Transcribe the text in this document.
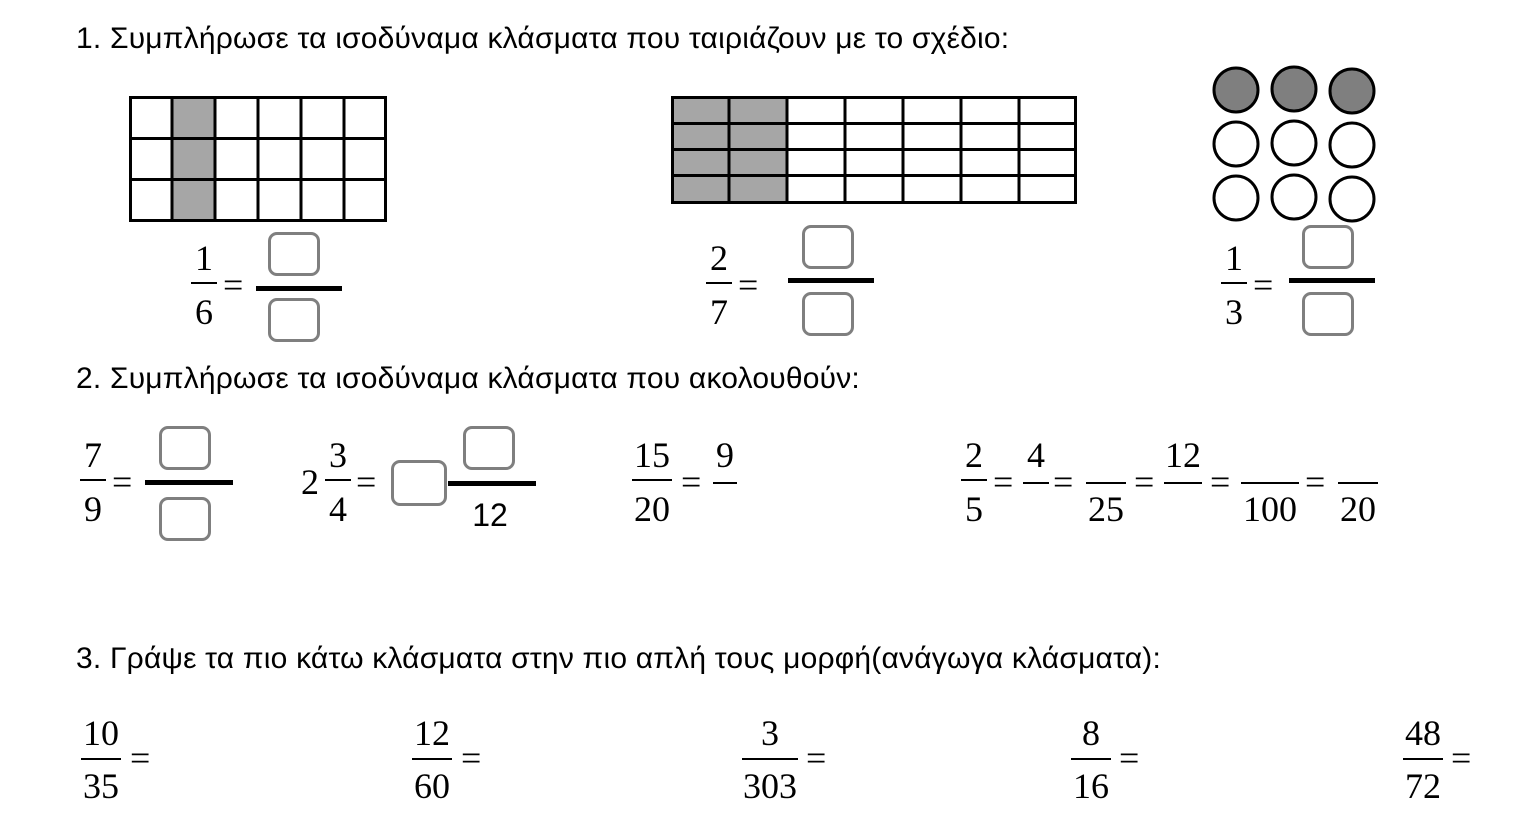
1. Συμπλήρωσε τα ισοδύναμα κλάσματα που ταιριάζουν με το σχέδιο:
1
6
=
2
7
=
1
3
=
2. Συμπλήρωσε τα ισοδύναμα κλάσματα που ακολουθούν:
7
9
=	2
3
4
=
12
15
20
=
9	2
5
=
4
=
25
=
12
=
100
=
20
3. Γράψε τα πιο κάτω κλάσματα στην πιο απλή τους μορφή(ανάγωγα κλάσματα):
10
35
=
12
60
=
3
303
=
8
16
=
48
72
=
